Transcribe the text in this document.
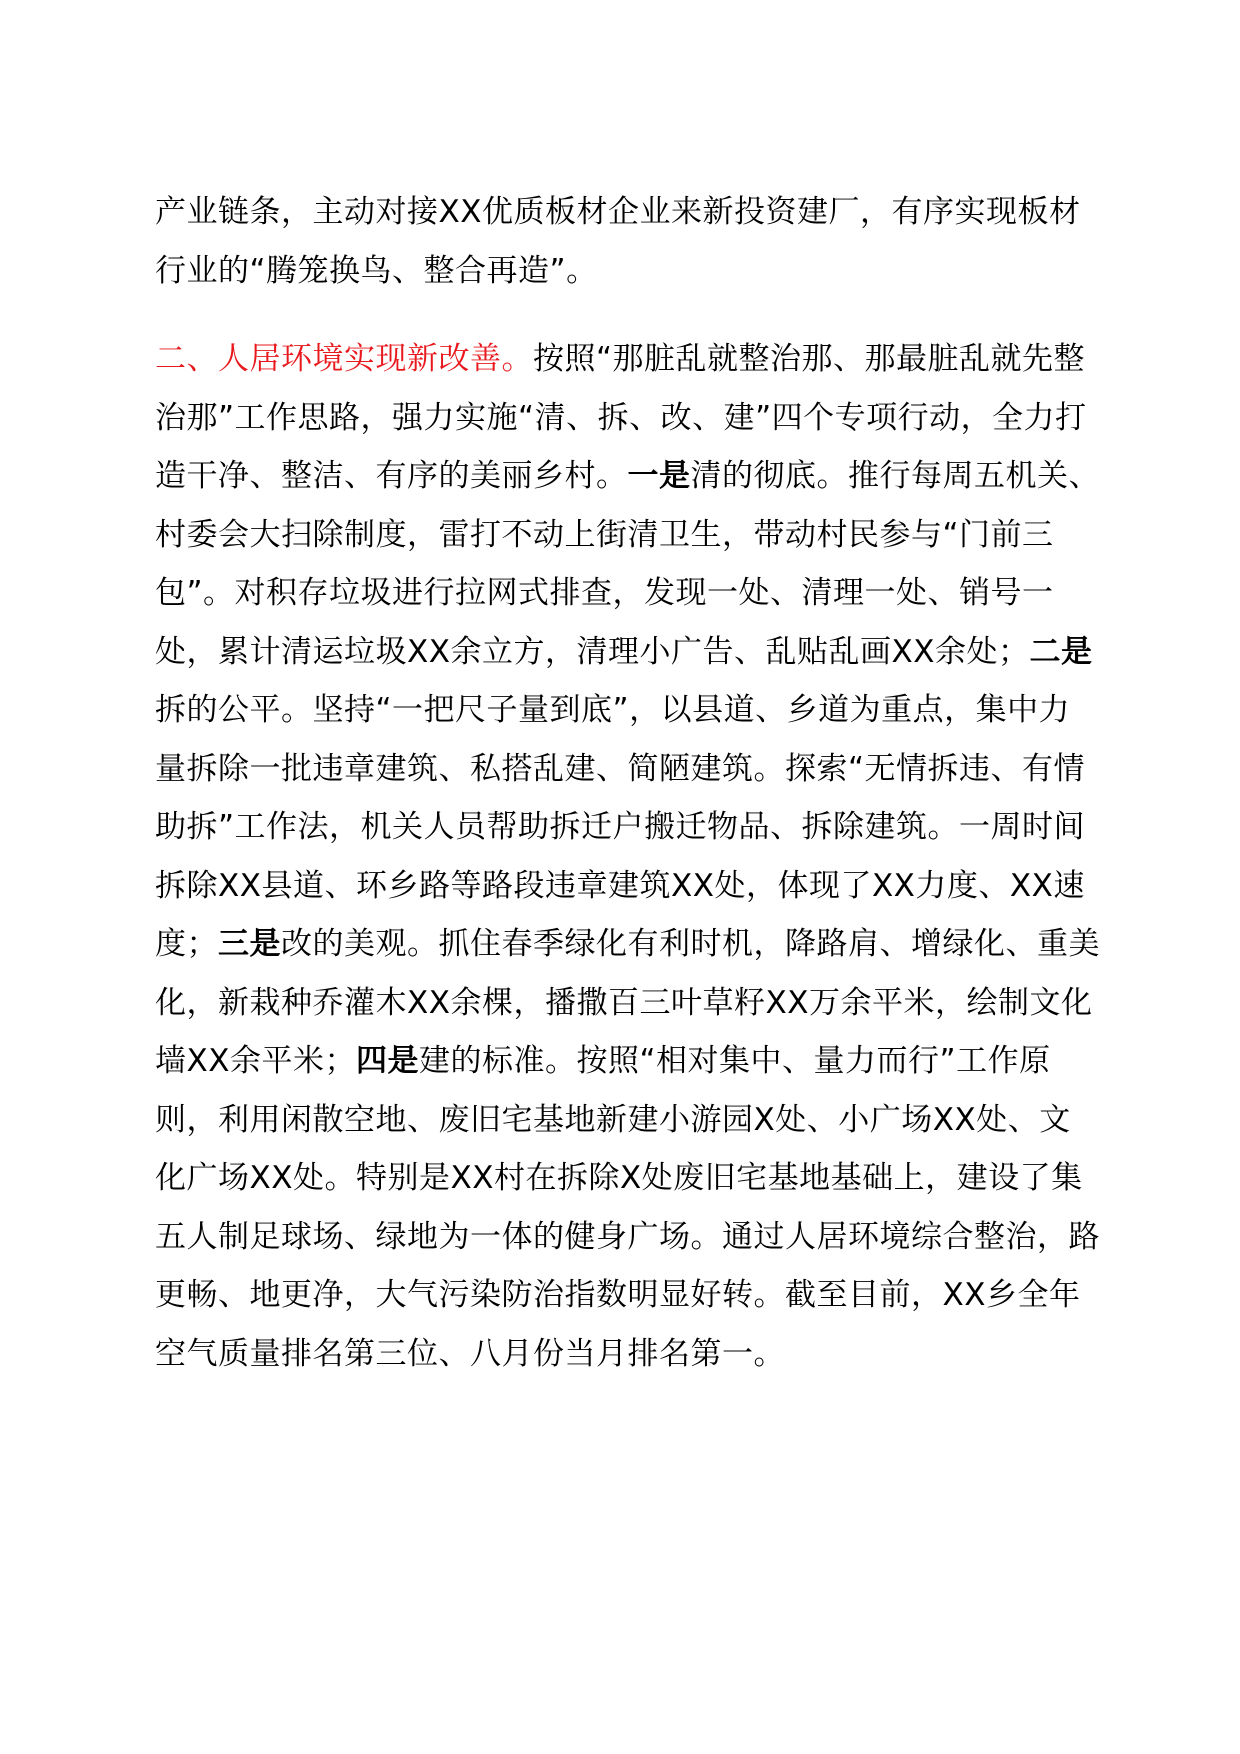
产业链条，主动对接XX优质板材企业来新投资建厂，有序实现板材行业的“腾笼换鸟、整合再造”。

二、人居环境实现新改善。按照“那脏乱就整治那、那最脏乱就先整治那”工作思路，强力实施“清、拆、改、建”四个专项行动，全力打造干净、整洁、有序的美丽乡村。一是清的彻底。推行每周五机关、村委会大扫除制度，雷打不动上街清卫生，带动村民参与“门前三包”。对积存垃圾进行拉网式排查，发现一处、清理一处、销号一处，累计清运垃圾XX余立方，清理小广告、乱贴乱画XX余处；二是拆的公平。坚持“一把尺子量到底”，以县道、乡道为重点，集中力量拆除一批违章建筑、私搭乱建、简陋建筑。探索“无情拆违、有情助拆”工作法，机关人员帮助拆迁户搬迁物品、拆除建筑。一周时间拆除XX县道、环乡路等路段违章建筑XX处，体现了XX力度、XX速度；三是改的美观。抓住春季绿化有利时机，降路肩、增绿化、重美化，新栽种乔灌木XX余棵，播撒百三叶草籽XX万余平米，绘制文化墙XX余平米；四是建的标准。按照“相对集中、量力而行”工作原则，利用闲散空地、废旧宅基地新建小游园X处、小广场XX处、文化广场XX处。特别是XX村在拆除X处废旧宅基地基础上，建设了集五人制足球场、绿地为一体的健身广场。通过人居环境综合整治，路更畅、地更净，大气污染防治指数明显好转。截至目前，XX乡全年空气质量排名第三位、八月份当月排名第一。
